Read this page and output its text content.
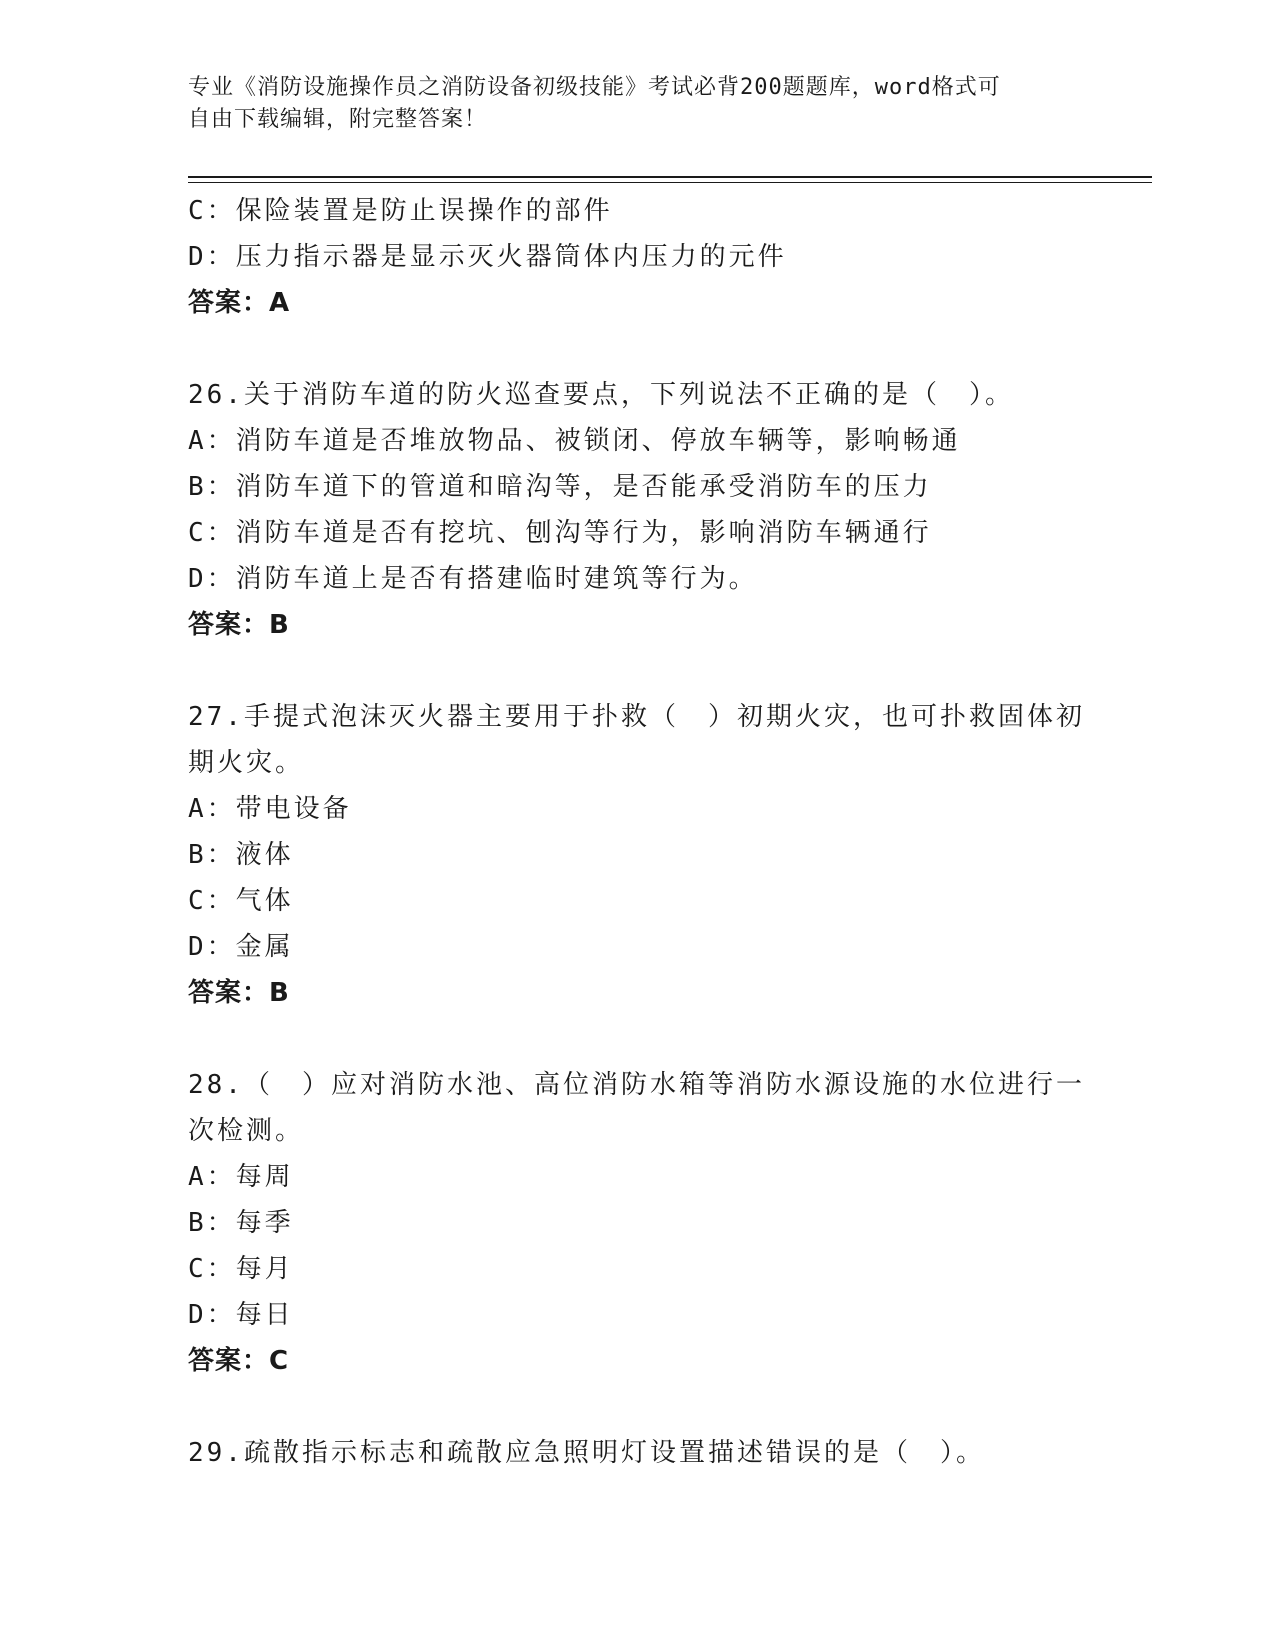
专业《消防设施操作员之消防设备初级技能》考试必背200题题库，word格式可
自由下载编辑，附完整答案！
C：保险装置是防止误操作的部件
D：压力指示器是显示灭火器筒体内压力的元件
答案：A
26.关于消防车道的防火巡查要点，下列说法不正确的是（　）。
A：消防车道是否堆放物品、被锁闭、停放车辆等，影响畅通
B：消防车道下的管道和暗沟等，是否能承受消防车的压力
C：消防车道是否有挖坑、刨沟等行为，影响消防车辆通行
D：消防车道上是否有搭建临时建筑等行为。
答案：B
27.手提式泡沫灭火器主要用于扑救（　）初期火灾，也可扑救固体初
期火灾。
A：带电设备
B：液体
C：气体
D：金属
答案：B
28.（　）应对消防水池、高位消防水箱等消防水源设施的水位进行一
次检测。
A：每周
B：每季
C：每月
D：每日
答案：C
29.疏散指示标志和疏散应急照明灯设置描述错误的是（　）。
